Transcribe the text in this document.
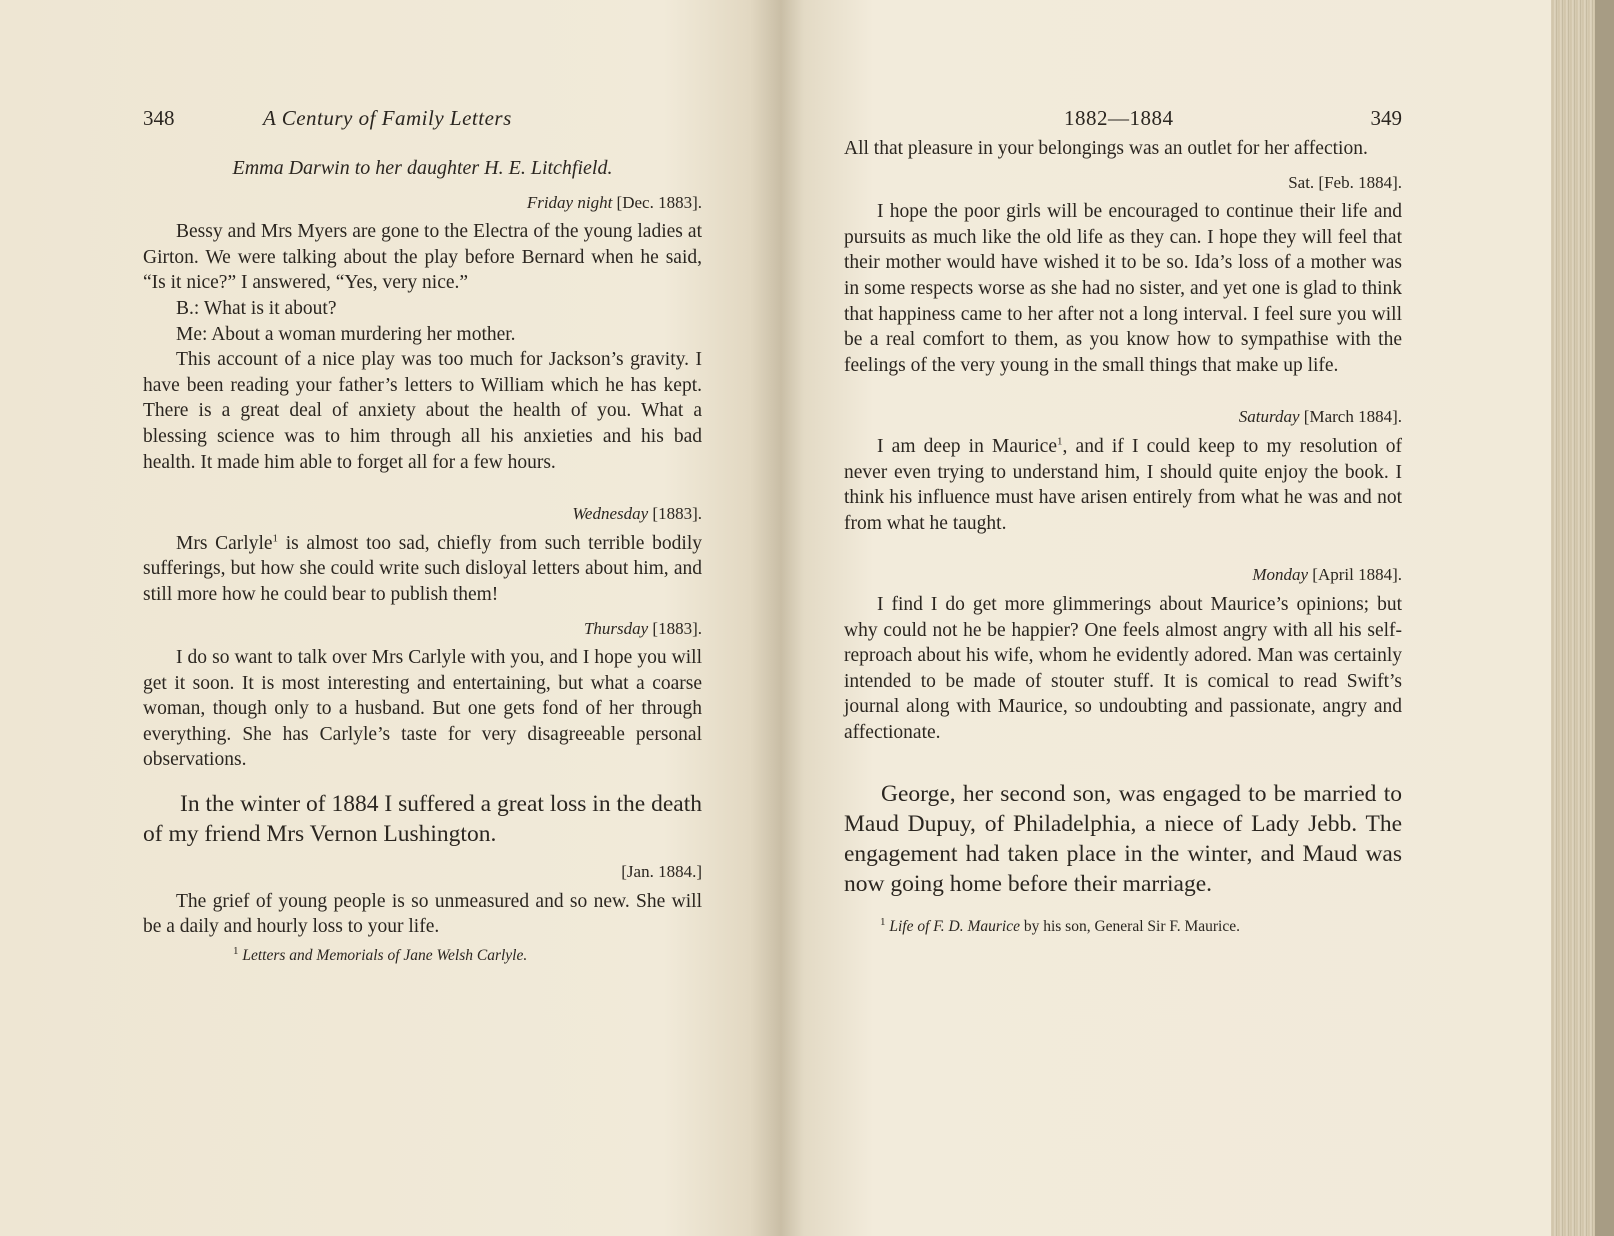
348	A Century of Family Letters
Emma Darwin to her daughter H. E. Litchfield.
Friday night [Dec. 1883].

Bessy and Mrs Myers are gone to the Electra of the young ladies at Girton. We were talking about the play before Bernard when he said, “Is it nice?” I answered, “Yes, very nice.”

B.: What is it about?

Me: About a woman murdering her mother.

This account of a nice play was too much for Jackson’s gravity. I have been reading your father’s letters to William which he has kept. There is a great deal of anxiety about the health of you. What a blessing science was to him through all his anxieties and his bad health. It made him able to forget all for a few hours.

Wednesday [1883].

Mrs Carlyle$^1$ is almost too sad, chiefly from such terrible bodily sufferings, but how she could write such disloyal letters about him, and still more how he could bear to publish them!

Thursday [1883].

I do so want to talk over Mrs Carlyle with you, and I hope you will get it soon. It is most interesting and entertaining, but what a coarse woman, though only to a husband. But one gets fond of her through everything. She has Carlyle’s taste for very disagreeable personal observations.

In the winter of 1884 I suffered a great loss in the death of my friend Mrs Vernon Lushington.

[Jan. 1884.]

The grief of young people is so unmeasured and so new. She will be a daily and hourly loss to your life.

$^1$ Letters and Memorials of Jane Welsh Carlyle.
1882—1884	349

All that pleasure in your belongings was an outlet for her affection.

Sat. [Feb. 1884].

I hope the poor girls will be encouraged to continue their life and pursuits as much like the old life as they can. I hope they will feel that their mother would have wished it to be so. Ida’s loss of a mother was in some respects worse as she had no sister, and yet one is glad to think that happiness came to her after not a long interval. I feel sure you will be a real comfort to them, as you know how to sympathise with the feelings of the very young in the small things that make up life.

Saturday [March 1884].

I am deep in Maurice$^1$, and if I could keep to my resolution of never even trying to understand him, I should quite enjoy the book. I think his influence must have arisen entirely from what he was and not from what he taught.

Monday [April 1884].

I find I do get more glimmerings about Maurice’s opinions; but why could not he be happier? One feels almost angry with all his self-reproach about his wife, whom he evidently adored. Man was certainly intended to be made of stouter stuff. It is comical to read Swift’s journal along with Maurice, so undoubting and passionate, angry and affectionate.

George, her second son, was engaged to be married to Maud Dupuy, of Philadelphia, a niece of Lady Jebb. The engagement had taken place in the winter, and Maud was now going home before their marriage.

$^1$ Life of F. D. Maurice by his son, General Sir F. Maurice.
